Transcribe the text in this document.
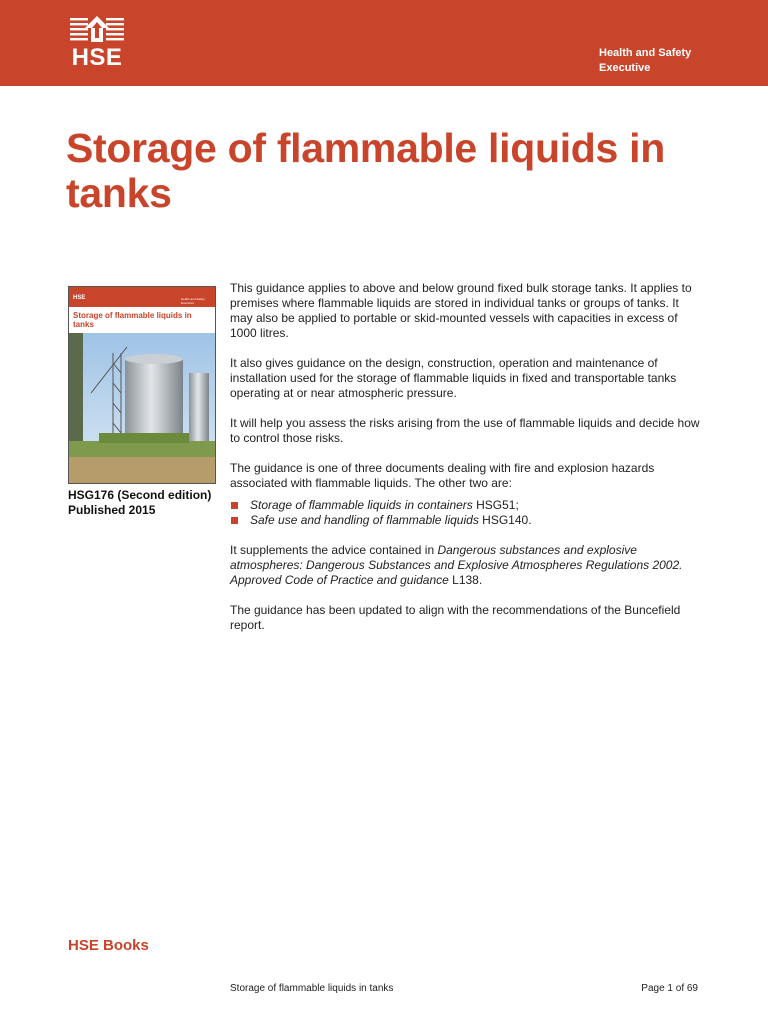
HSE	Health and Safety
Executive
Storage of flammable liquids in tanks
HSE	Health and Safety Executive
Storage of flammable liquids in tanks
HSG176 (Second edition) Published 2015

This guidance applies to above and below ground fixed bulk storage tanks. It applies to premises where flammable liquids are stored in individual tanks or groups of tanks. It may also be applied to portable or skid-mounted vessels with capacities in excess of 1000 litres.

It also gives guidance on the design, construction, operation and maintenance of installation used for the storage of flammable liquids in fixed and transportable tanks operating at or near atmospheric pressure.

It will help you assess the risks arising from the use of flammable liquids and decide how to control those risks.

The guidance is one of three documents dealing with fire and explosion hazards associated with flammable liquids. The other two are:

Storage of flammable liquids in containers HSG51;
Safe use and handling of flammable liquids HSG140.

It supplements the advice contained in Dangerous substances and explosive atmospheres: Dangerous Substances and Explosive Atmospheres Regulations 2002. Approved Code of Practice and guidance L138.

The guidance has been updated to align with the recommendations of the Buncefield report.

HSE Books
Storage of flammable liquids in tanks	Page 1 of 69
